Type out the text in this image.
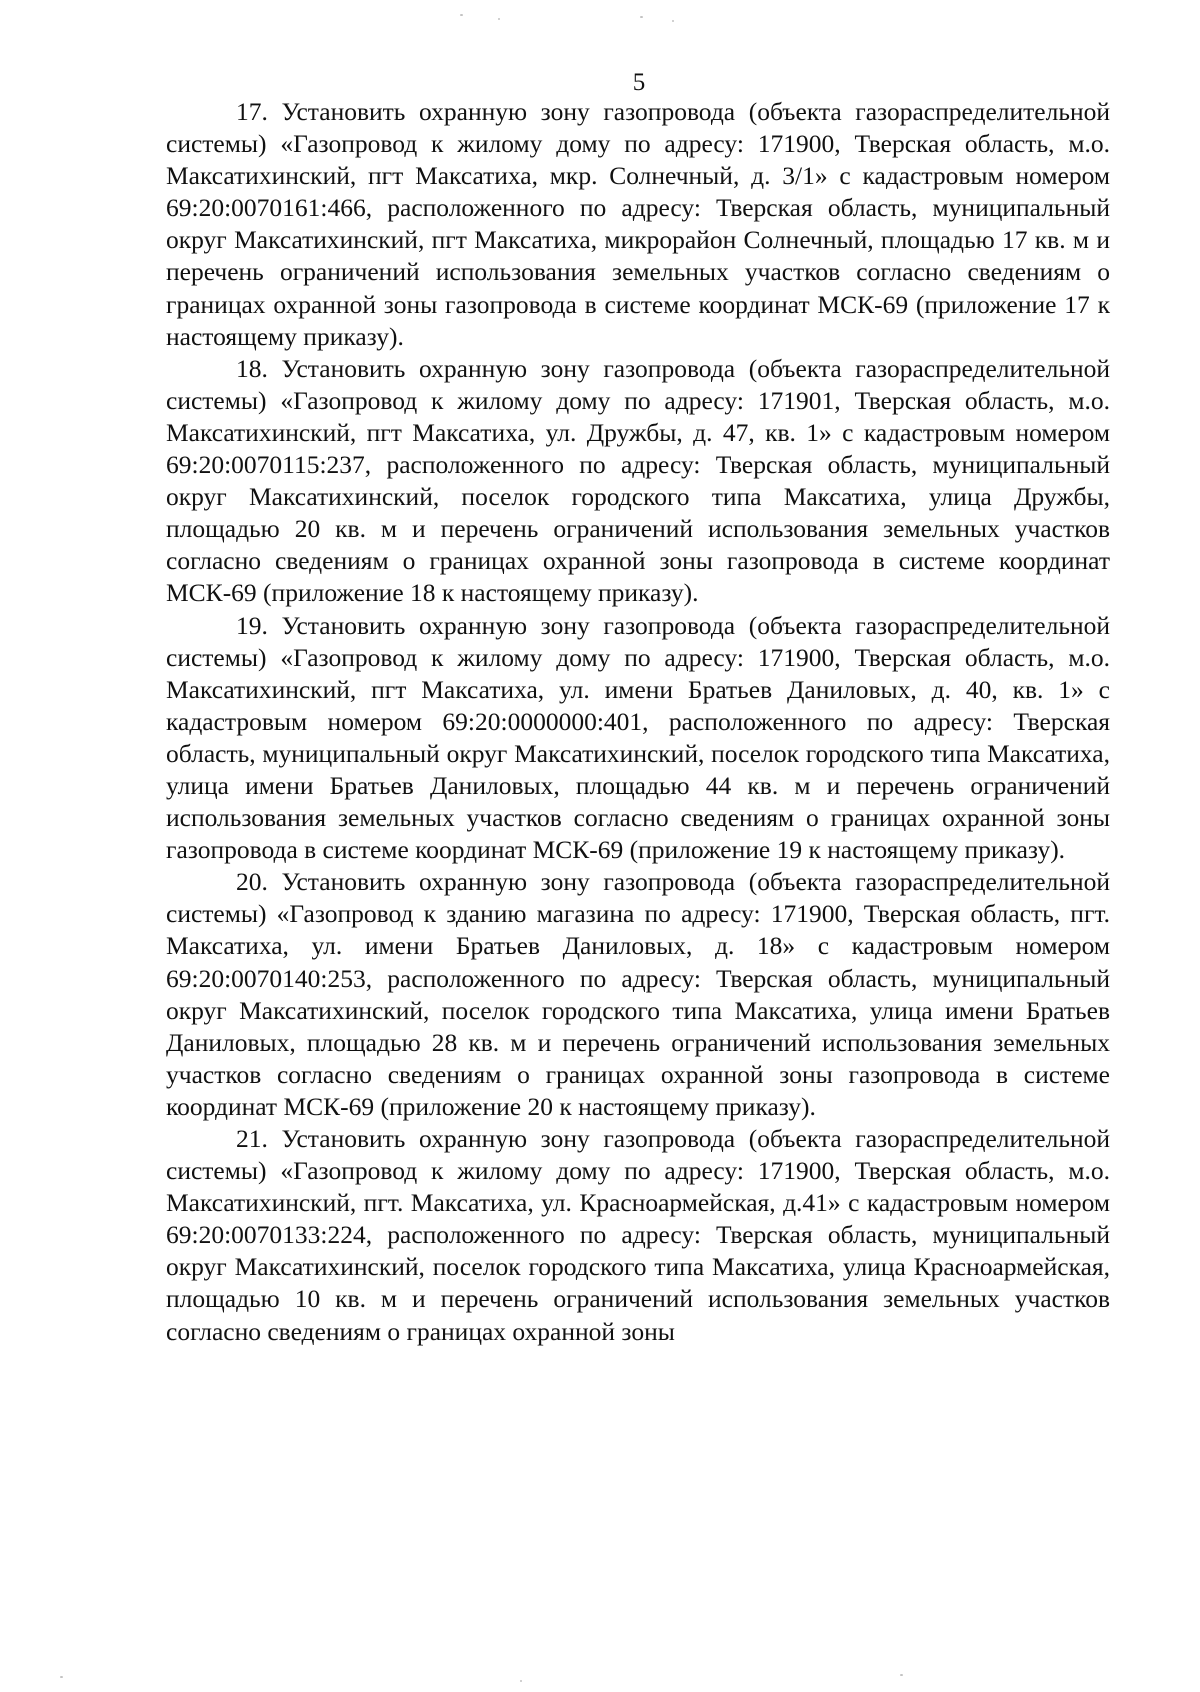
5

17. Установить охранную зону газопровода (объекта газораспределительной системы) «Газопровод к жилому дому по адресу: 171900, Тверская область, м.о. Максатихинский, пгт Максатиха, мкр. Солнечный, д. 3/1» с кадастровым номером 69:20:0070161:466, расположенного по адресу: Тверская область, муниципальный округ Максатихинский, пгт Максатиха, микрорайон Солнечный, площадью 17 кв. м и перечень ограничений использования земельных участков согласно сведениям о границах охранной зоны газопровода в системе координат МСК-69 (приложение 17 к настоящему приказу).

18. Установить охранную зону газопровода (объекта газораспределительной системы) «Газопровод к жилому дому по адресу: 171901, Тверская область, м.о. Максатихинский, пгт Максатиха, ул. Дружбы, д. 47, кв. 1» с кадастровым номером 69:20:0070115:237, расположенного по адресу: Тверская область, муниципальный округ Максатихинский, поселок городского типа Максатиха, улица Дружбы, площадью 20 кв. м и перечень ограничений использования земельных участков согласно сведениям о границах охранной зоны газопровода в системе координат МСК-69 (приложение 18 к настоящему приказу).

19. Установить охранную зону газопровода (объекта газораспределительной системы) «Газопровод к жилому дому по адресу: 171900, Тверская область, м.о. Максатихинский, пгт Максатиха, ул. имени Братьев Даниловых, д. 40, кв. 1» с кадастровым номером 69:20:0000000:401, расположенного по адресу: Тверская область, муниципальный округ Максатихинский, поселок городского типа Максатиха, улица имени Братьев Даниловых, площадью 44 кв. м и перечень ограничений использования земельных участков согласно сведениям о границах охранной зоны газопровода в системе координат МСК-69 (приложение 19 к настоящему приказу).

20. Установить охранную зону газопровода (объекта газораспределительной системы) «Газопровод к зданию магазина по адресу: 171900, Тверская область, пгт. Максатиха, ул. имени Братьев Даниловых, д. 18» с кадастровым номером 69:20:0070140:253, расположенного по адресу: Тверская область, муниципальный округ Максатихинский, поселок городского типа Максатиха, улица имени Братьев Даниловых, площадью 28 кв. м и перечень ограничений использования земельных участков согласно сведениям о границах охранной зоны газопровода в системе координат МСК-69 (приложение 20 к настоящему приказу).

21. Установить охранную зону газопровода (объекта газораспределительной системы) «Газопровод к жилому дому по адресу: 171900, Тверская область, м.о. Максатихинский, пгт. Максатиха, ул. Красноармейская, д.41» с кадастровым номером 69:20:0070133:224, расположенного по адресу: Тверская область, муниципальный округ Максатихинский, поселок городского типа Максатиха, улица Красноармейская, площадью 10 кв. м и перечень ограничений использования земельных участков согласно сведениям о границах охранной зоны
